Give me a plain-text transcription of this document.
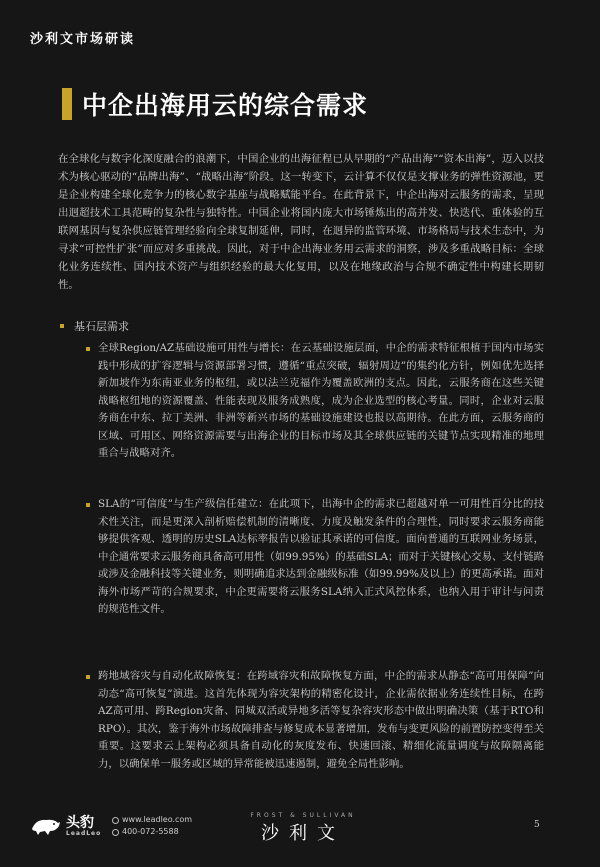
沙利文市场研读
中企出海用云的综合需求

在全球化与数字化深度融合的浪潮下，中国企业的出海征程已从早期的“产品出海”“资本出海”，迈入以技术为核心驱动的“品牌出海”、“战略出海”阶段。这一转变下，云计算不仅仅是支撑业务的弹性资源池，更是企业构建全球化竞争力的核心数字基座与战略赋能平台。在此背景下，中企出海对云服务的需求，呈现出迥超技术工具范畴的复杂性与独特性。中国企业将国内庞大市场锤炼出的高并发、快迭代、重体验的互联网基因与复杂供应链管理经验向全球复制延伸，同时，在迥异的监管环境、市场格局与技术生态中，为寻求“可控性扩张”而应对多重挑战。因此，对于中企出海业务用云需求的洞察，涉及多重战略目标：全球化业务连续性、国内技术资产与组织经验的最大化复用，以及在地缘政治与合规不确定性中构建长期韧性。

基石层需求
全球Region/AZ基础设施可用性与增长：在云基础设施层面，中企的需求特征根植于国内市场实践中形成的扩容逻辑与资源部署习惯，遵循“重点突破，辐射周边”的集约化方针，例如优先选择新加坡作为东南亚业务的枢纽，或以法兰克福作为覆盖欧洲的支点。因此，云服务商在这些关键战略枢纽地的资源覆盖、性能表现及服务成熟度，成为企业选型的核心考量。同时，企业对云服务商在中东、拉丁美洲、非洲等新兴市场的基础设施建设也报以高期待。在此方面，云服务商的区域、可用区、网络资源需要与出海企业的目标市场及其全球供应链的关键节点实现精准的地理重合与战略对齐。
SLA的“可信度”与生产级信任建立：在此项下，出海中企的需求已超越对单一可用性百分比的技术性关注，而是更深入剖析赔偿机制的清晰度、力度及触发条件的合理性，同时要求云服务商能够提供客观、透明的历史SLA达标率报告以验证其承诺的可信度。面向普通的互联网业务场景，中企通常要求云服务商具备高可用性（如99.95%）的基础SLA；而对于关键核心交易、支付链路或涉及金融科技等关键业务，则明确追求达到金融级标准（如99.99%及以上）的更高承诺。面对海外市场严苛的合规要求，中企更需要将云服务SLA纳入正式风控体系，也纳入用于审计与问责的规范性文件。
跨地域容灾与自动化故障恢复：在跨域容灾和故障恢复方面，中企的需求从静态“高可用保障”向动态“高可恢复”演进。这首先体现为容灾架构的精密化设计，企业需依据业务连续性目标，在跨AZ高可用、跨Region灾备、同城双活或异地多活等复杂容灾形态中做出明确决策（基于RTO和RPO）。其次，鉴于海外市场故障排查与修复成本显著增加，发布与变更风险的前置防控变得至关重要。这要求云上架构必须具备自动化的灰度发布、快速回滚、精细化流量调度与故障隔离能力，以确保单一服务或区域的异常能被迅速遏制，避免全局性影响。
头豹
LeadLeo
www.leadleo.com
400-072-5588
FROST & SULLIVAN
沙利文	5
